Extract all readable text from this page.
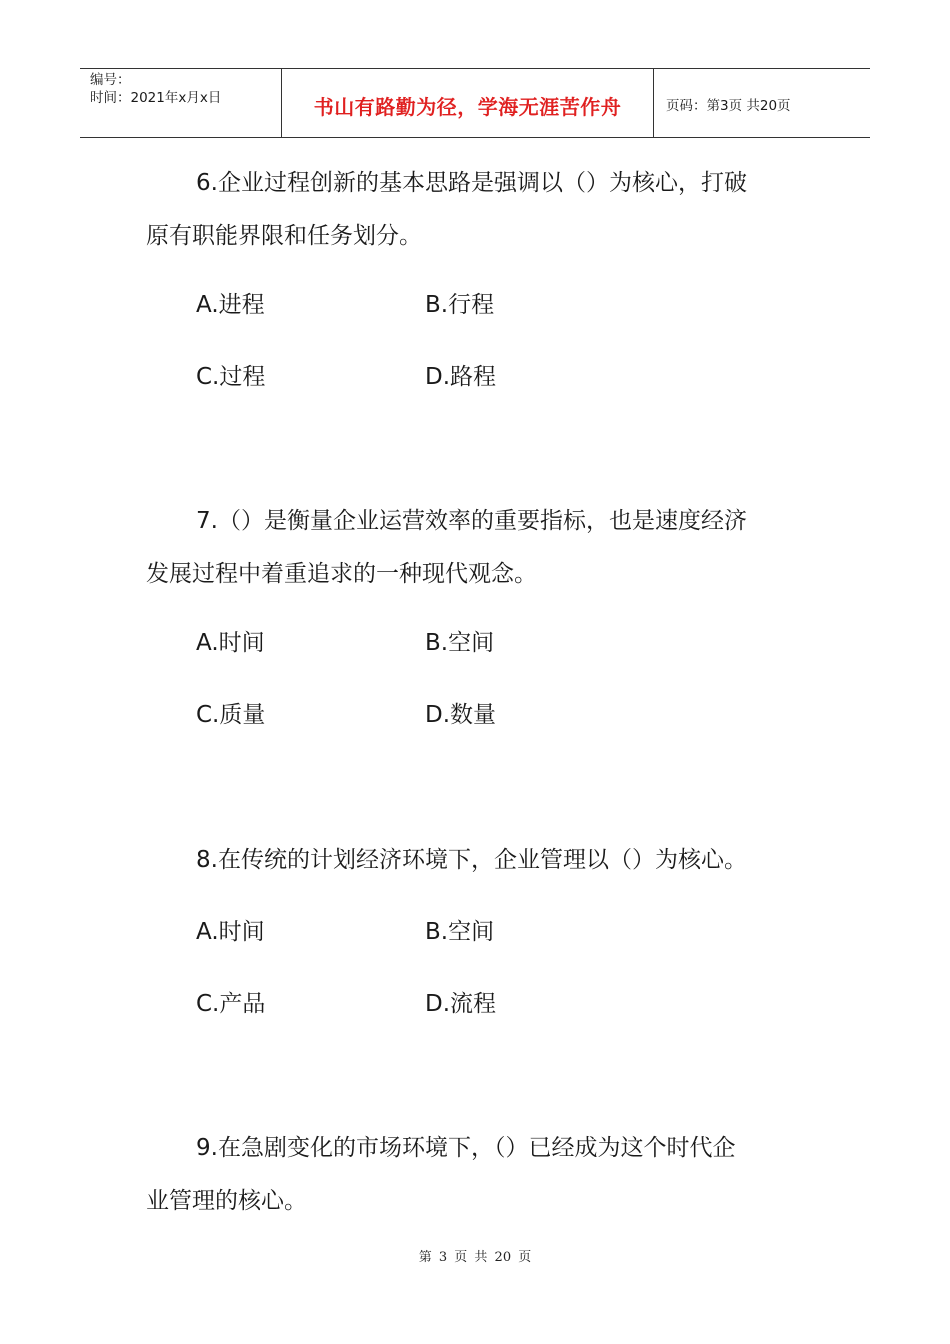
编号：
时间：2021年x月x日	书山有路勤为径，学海无涯苦作舟	页码：第3页 共20页
6.企业过程创新的基本思路是强调以（）为核心，打破
原有职能界限和任务划分。
A.进程	B.行程
C.过程	D.路程
7.（）是衡量企业运营效率的重要指标，也是速度经济
发展过程中着重追求的一种现代观念。
A.时间	B.空间
C.质量	D.数量
8.在传统的计划经济环境下，企业管理以（）为核心。
A.时间	B.空间
C.产品	D.流程
9.在急剧变化的市场环境下，（）已经成为这个时代企
业管理的核心。
第 3 页 共 20 页
